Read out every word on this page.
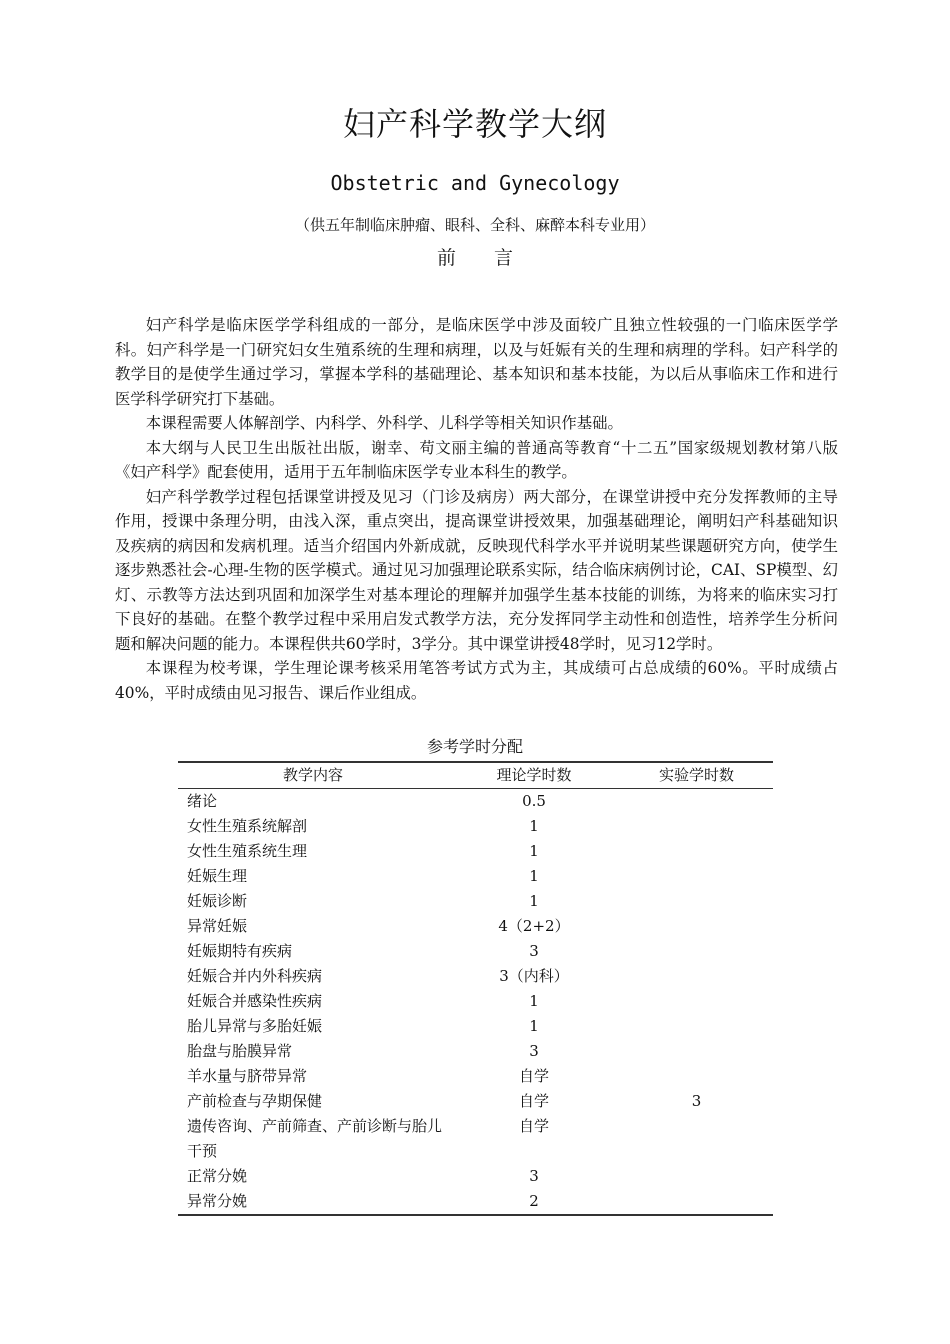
妇产科学教学大纲
Obstetric and Gynecology
（供五年制临床肿瘤、眼科、全科、麻醉本科专业用）
前言

妇产科学是临床医学学科组成的一部分，是临床医学中涉及面较广且独立性较强的一门临床医学学科。妇产科学是一门研究妇女生殖系统的生理和病理，以及与妊娠有关的生理和病理的学科。妇产科学的教学目的是使学生通过学习，掌握本学科的基础理论、基本知识和基本技能，为以后从事临床工作和进行医学科学研究打下基础。

本课程需要人体解剖学、内科学、外科学、儿科学等相关知识作基础。

本大纲与人民卫生出版社出版，谢幸、苟文丽主编的普通高等教育“十二五”国家级规划教材第八版《妇产科学》配套使用，适用于五年制临床医学专业本科生的教学。

妇产科学教学过程包括课堂讲授及见习（门诊及病房）两大部分，在课堂讲授中充分发挥教师的主导作用，授课中条理分明，由浅入深，重点突出，提高课堂讲授效果，加强基础理论，阐明妇产科基础知识及疾病的病因和发病机理。适当介绍国内外新成就，反映现代科学水平并说明某些课题研究方向，使学生逐步熟悉社会-心理-生物的医学模式。通过见习加强理论联系实际，结合临床病例讨论，CAI、SP模型、幻灯、示教等方法达到巩固和加深学生对基本理论的理解并加强学生基本技能的训练，为将来的临床实习打下良好的基础。在整个教学过程中采用启发式教学方法，充分发挥同学主动性和创造性，培养学生分析问题和解决问题的能力。本课程供共60学时，3学分。其中课堂讲授48学时，见习12学时。

本课程为校考课，学生理论课考核采用笔答考试方式为主，其成绩可占总成绩的60%。平时成绩占40%，平时成绩由见习报告、课后作业组成。

参考学时分配
教学内容	理论学时数	实验学时数
绪论	0.5	
女性生殖系统解剖	1	
女性生殖系统生理	1	
妊娠生理	1	
妊娠诊断	1	
异常妊娠	4（2+2）	
妊娠期特有疾病	3	
妊娠合并内外科疾病	3（内科）	
妊娠合并感染性疾病	1	
胎儿异常与多胎妊娠	1	
胎盘与胎膜异常	3	
羊水量与脐带异常	自学	
产前检查与孕期保健	自学	3
遗传咨询、产前筛查、产前诊断与胎儿干预	自学	
正常分娩	3	
异常分娩	2	
